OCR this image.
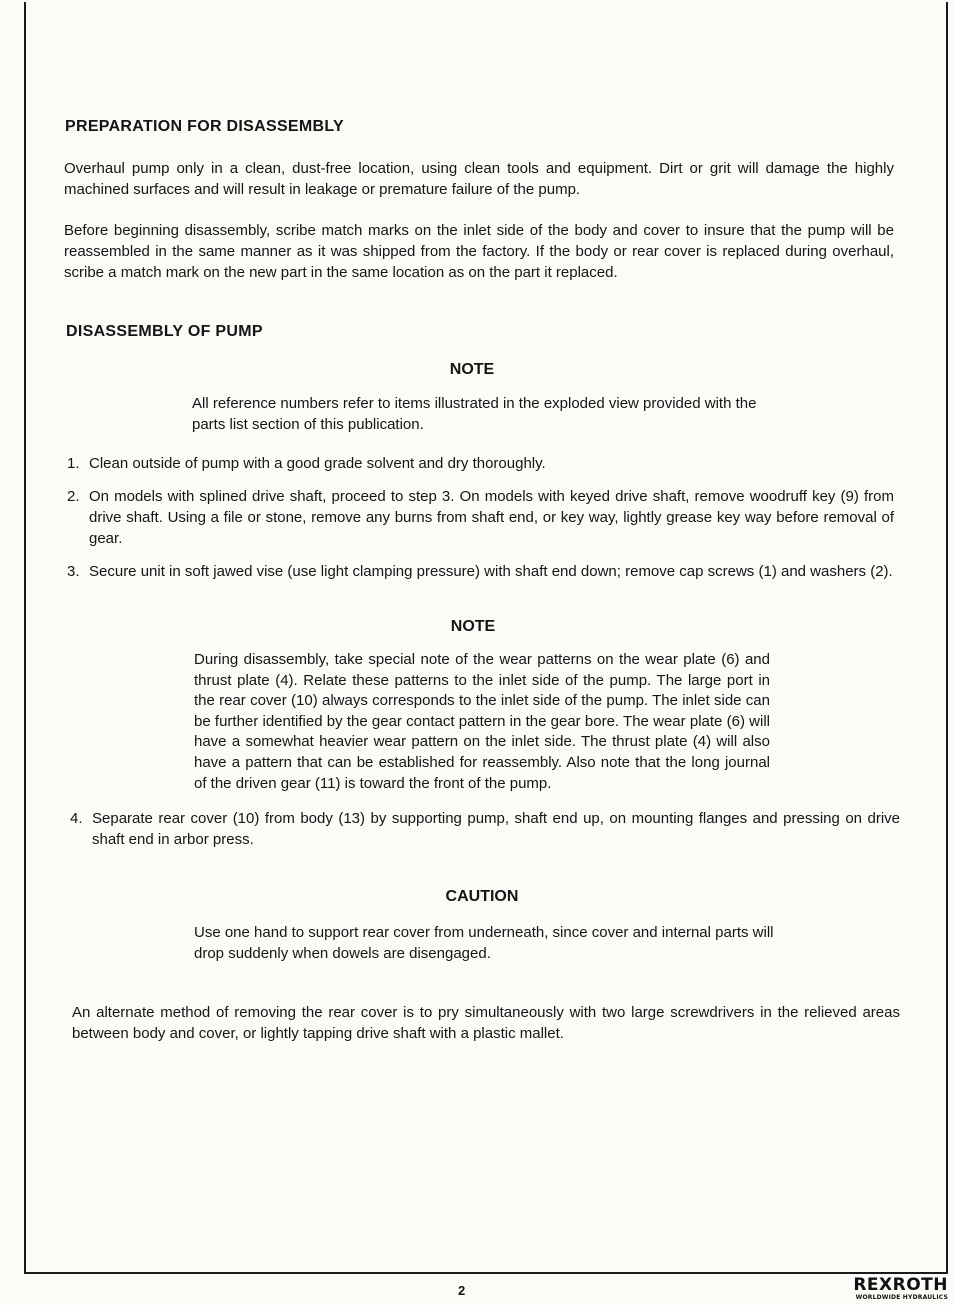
PREPARATION FOR DISASSEMBLY

Overhaul pump only in a clean, dust-free location, using clean tools and equipment. Dirt or grit will damage the highly machined surfaces and will result in leakage or premature failure of the pump.

Before beginning disassembly, scribe match marks on the inlet side of the body and cover to insure that the pump will be reassembled in the same manner as it was shipped from the factory. If the body or rear cover is replaced during overhaul, scribe a match mark on the new part in the same location as on the part it replaced.

DISASSEMBLY OF PUMP
NOTE

All reference numbers refer to items illustrated in the exploded view provided with the parts list section of this publication.

1. Clean outside of pump with a good grade solvent and dry thoroughly.
2. On models with splined drive shaft, proceed to step 3. On models with keyed drive shaft, remove woodruff key (9) from drive shaft. Using a file or stone, remove any burns from shaft end, or key way, lightly grease key way before removal of gear.
3. Secure unit in soft jawed vise (use light clamping pressure) with shaft end down; remove cap screws (1) and washers (2).
NOTE

During disassembly, take special note of the wear patterns on the wear plate (6) and thrust plate (4). Relate these patterns to the inlet side of the pump. The large port in the rear cover (10) always corresponds to the inlet side of the pump. The inlet side can be further identified by the gear contact pattern in the gear bore. The wear plate (6) will have a somewhat heavier wear pattern on the inlet side. The thrust plate (4) will also have a pattern that can be established for reassembly. Also note that the long journal of the driven gear (11) is toward the front of the pump.

4. Separate rear cover (10) from body (13) by supporting pump, shaft end up, on mounting flanges and pressing on drive shaft end in arbor press.
CAUTION

Use one hand to support rear cover from underneath, since cover and internal parts will drop suddenly when dowels are disengaged.

An alternate method of removing the rear cover is to pry simultaneously with two large screwdrivers in the relieved areas between body and cover, or lightly tapping drive shaft with a plastic mallet.

2	REXROTH
WORLDWIDE HYDRAULICS
